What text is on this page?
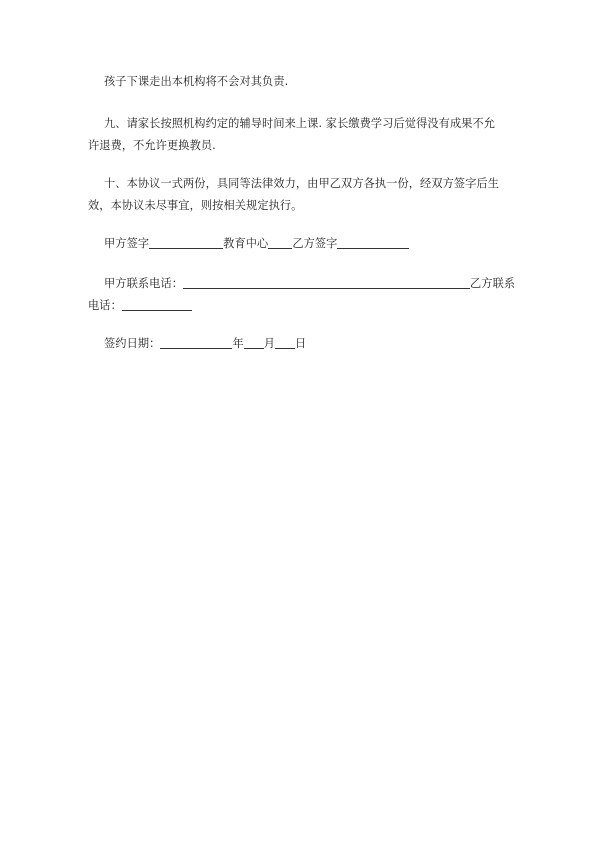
孩子下课走出本机构将不会对其负责.
九、请家长按照机构约定的辅导时间来上课. 家长缴费学习后觉得没有成果不允
许退费，不允许更换教员.
十、本协议一式两份，具同等法律效力，由甲乙双方各执一份，经双方签字后生
效，本协议未尽事宜，则按相关规定执行。
甲方签字	教育中心 乙方签字
甲方联系电话：	乙方联系
电话：
签约日期：	年 月 日
